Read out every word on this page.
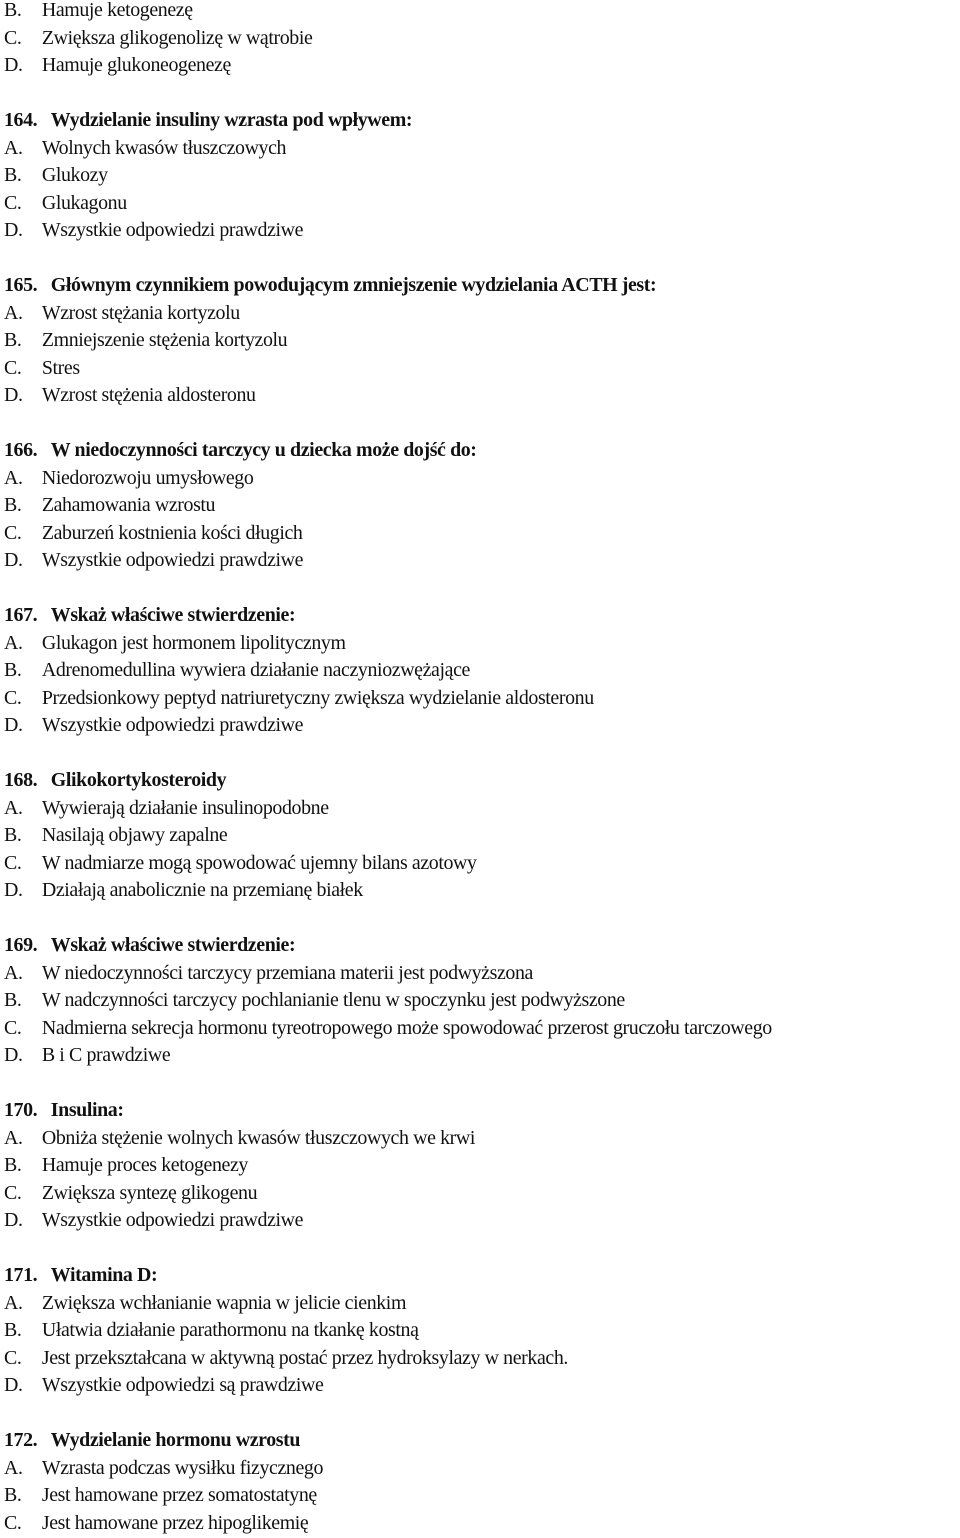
B. Hamuje ketogenezę

C. Zwiększa glikogenolizę w wątrobie

D. Hamuje glukoneogenezę

164. Wydzielanie insuliny wzrasta pod wpływem:

A. Wolnych kwasów tłuszczowych

B. Glukozy

C. Glukagonu

D. Wszystkie odpowiedzi prawdziwe

165. Głównym czynnikiem powodującym zmniejszenie wydzielania ACTH jest:

A. Wzrost stężania kortyzolu

B. Zmniejszenie stężenia kortyzolu

C. Stres

D. Wzrost stężenia aldosteronu

166. W niedoczynności tarczycy u dziecka może dojść do:

A. Niedorozwoju umysłowego

B. Zahamowania wzrostu

C. Zaburzeń kostnienia kości długich

D. Wszystkie odpowiedzi prawdziwe

167. Wskaż właściwe stwierdzenie:

A. Glukagon jest hormonem lipolitycznym

B. Adrenomedullina wywiera działanie naczyniozwężające

C. Przedsionkowy peptyd natriuretyczny zwiększa wydzielanie aldosteronu

D. Wszystkie odpowiedzi prawdziwe

168. Glikokortykosteroidy

A. Wywierają działanie insulinopodobne

B. Nasilają objawy zapalne

C. W nadmiarze mogą spowodować ujemny bilans azotowy

D. Działają anabolicznie na przemianę białek

169. Wskaż właściwe stwierdzenie:

A. W niedoczynności tarczycy przemiana materii jest podwyższona

B. W nadczynności tarczycy pochlanianie tlenu w spoczynku jest podwyższone

C. Nadmierna sekrecja hormonu tyreotropowego może spowodować przerost gruczołu tarczowego

D. B i C prawdziwe

170. Insulina:

A. Obniża stężenie wolnych kwasów tłuszczowych we krwi

B. Hamuje proces ketogenezy

C. Zwiększa syntezę glikogenu

D. Wszystkie odpowiedzi prawdziwe

171. Witamina D:

A. Zwiększa wchłanianie wapnia w jelicie cienkim

B. Ułatwia działanie parathormonu na tkankę kostną

C. Jest przekształcana w aktywną postać przez hydroksylazy w nerkach.

D. Wszystkie odpowiedzi są prawdziwe

172. Wydzielanie hormonu wzrostu

A. Wzrasta podczas wysiłku fizycznego

B. Jest hamowane przez somatostatynę

C. Jest hamowane przez hipoglikemię
